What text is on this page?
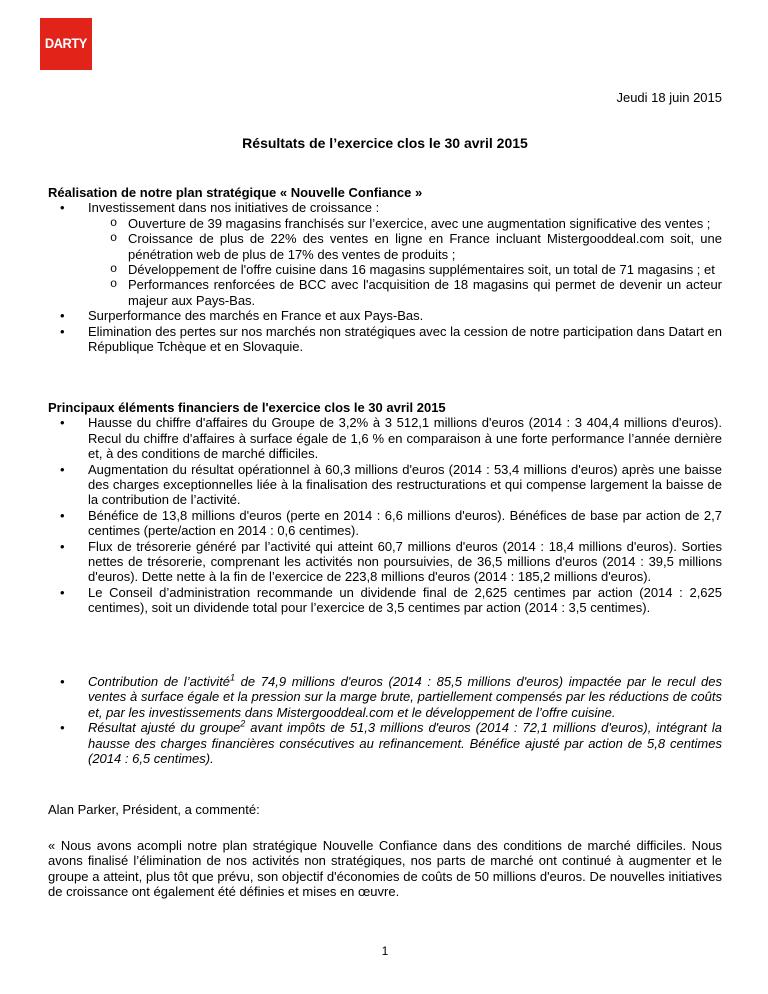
DARTY
Jeudi 18 juin 2015
Résultats de l’exercice clos le 30 avril 2015
Réalisation de notre plan stratégique « Nouvelle Confiance »
• Investissement dans nos initiatives de croissance :
o Ouverture de 39 magasins franchisés sur l’exercice, avec une augmentation significative des ventes ;
o Croissance de plus de 22% des ventes en ligne en France incluant Mistergooddeal.com soit, une pénétration web de plus de 17% des ventes de produits ;
o Développement de l'offre cuisine dans 16 magasins supplémentaires soit, un total de 71 magasins ; et
o Performances renforcées de BCC avec l'acquisition de 18 magasins qui permet de devenir un acteur majeur aux Pays-Bas.
• Surperformance des marchés en France et aux Pays-Bas.
• Elimination des pertes sur nos marchés non stratégiques avec la cession de notre participation dans Datart en République Tchèque et en Slovaquie.
Principaux éléments financiers de l'exercice clos le 30 avril 2015
• Hausse du chiffre d'affaires du Groupe de 3,2% à 3 512,1 millions d'euros (2014 : 3 404,4 millions d'euros). Recul du chiffre d'affaires à surface égale de 1,6 % en comparaison à une forte performance l’année dernière et, à des conditions de marché difficiles.
• Augmentation du résultat opérationnel à 60,3 millions d'euros (2014 : 53,4 millions d'euros) après une baisse des charges exceptionnelles liée à la finalisation des restructurations et qui compense largement la baisse de la contribution de l’activité.
• Bénéfice de 13,8 millions d'euros (perte en 2014 : 6,6 millions d'euros). Bénéfices de base par action de 2,7 centimes (perte/action en 2014 : 0,6 centimes).
• Flux de trésorerie généré par l’activité qui atteint 60,7 millions d'euros (2014 : 18,4 millions d'euros). Sorties nettes de trésorerie, comprenant les activités non poursuivies, de 36,5 millions d'euros (2014 : 39,5 millions d'euros). Dette nette à la fin de l’exercice de 223,8 millions d'euros (2014 : 185,2 millions d'euros).
• Le Conseil d’administration recommande un dividende final de 2,625 centimes par action (2014 : 2,625 centimes), soit un dividende total pour l’exercice de 3,5 centimes par action (2014 : 3,5 centimes).
• Contribution de l’activité$^1$ de 74,9 millions d'euros (2014 : 85,5 millions d'euros) impactée par le recul des ventes à surface égale et la pression sur la marge brute, partiellement compensés par les réductions de coûts et, par les investissements dans Mistergooddeal.com et le développement de l’offre cuisine.
• Résultat ajusté du groupe$^2$ avant impôts de 51,3 millions d'euros (2014 : 72,1 millions d'euros), intégrant la hausse des charges financières consécutives au refinancement. Bénéfice ajusté par action de 5,8 centimes (2014 : 6,5 centimes).
Alan Parker, Président, a commenté:
« Nous avons acompli notre plan stratégique Nouvelle Confiance dans des conditions de marché difficiles. Nous avons finalisé l’élimination de nos activités non stratégiques, nos parts de marché ont continué à augmenter et le groupe a atteint, plus tôt que prévu, son objectif d'économies de coûts de 50 millions d'euros. De nouvelles initiatives de croissance ont également été définies et mises en œuvre.
1
